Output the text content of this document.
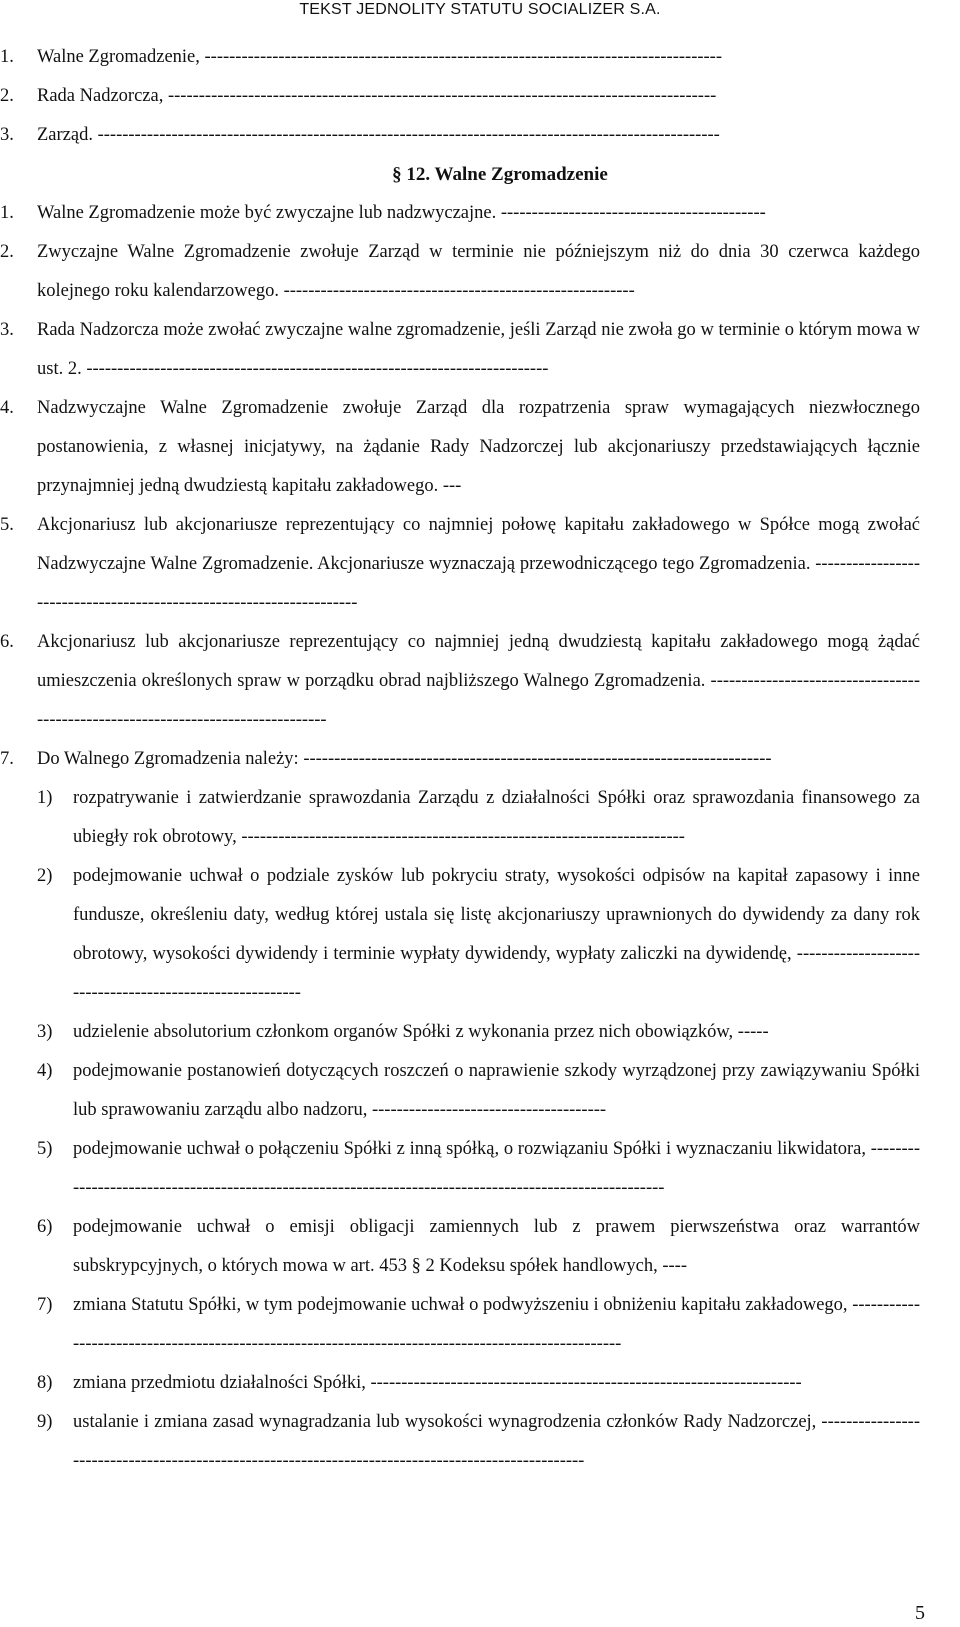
TEKST JEDNOLITY STATUTU SOCIALIZER S.A.
1.	Walne Zgromadzenie, ------------------------------------------------------------------------------------
2.	Rada Nadzorcza, -----------------------------------------------------------------------------------------
3.	Zarząd. -----------------------------------------------------------------------------------------------------
§ 12. Walne Zgromadzenie
1.	Walne Zgromadzenie może być zwyczajne lub nadzwyczajne. -------------------------------------------
2.	Zwyczajne Walne Zgromadzenie zwołuje Zarząd w terminie nie późniejszym niż do dnia 30 czerwca każdego kolejnego roku kalendarzowego. ---------------------------------------------------------
3.	Rada Nadzorcza może zwołać zwyczajne walne zgromadzenie, jeśli Zarząd nie zwoła go w terminie o którym mowa w ust. 2. ---------------------------------------------------------------------------
4.	Nadzwyczajne Walne Zgromadzenie zwołuje Zarząd dla rozpatrzenia spraw wymagających niezwłocznego postanowienia, z własnej inicjatywy, na żądanie Rady Nadzorczej lub akcjonariuszy przedstawiających łącznie przynajmniej jedną dwudziestą kapitału zakładowego. ---
5.	Akcjonariusz lub akcjonariusze reprezentujący co najmniej połowę kapitału zakładowego w Spółce mogą zwołać Nadzwyczajne Walne Zgromadzenie. Akcjonariusze wyznaczają przewodniczącego tego Zgromadzenia. ---------------------------------------------------------------------
6.	Akcjonariusz lub akcjonariusze reprezentujący co najmniej jedną dwudziestą kapitału zakładowego mogą żądać umieszczenia określonych spraw w porządku obrad najbliższego Walnego Zgromadzenia. ---------------------------------------------------------------------------------
7.	Do Walnego Zgromadzenia należy: ----------------------------------------------------------------------------
1)	rozpatrywanie i zatwierdzanie sprawozdania Zarządu z działalności Spółki oraz sprawozdania finansowego za ubiegły rok obrotowy, ------------------------------------------------------------------------
2)	podejmowanie uchwał o podziale zysków lub pokryciu straty, wysokości odpisów na kapitał zapasowy i inne fundusze, określeniu daty, według której ustala się listę akcjonariuszy uprawnionych do dywidendy za dany rok obrotowy, wysokości dywidendy i terminie wypłaty dywidendy, wypłaty zaliczki na dywidendę, ---------------------------------------------------------
3)	udzielenie absolutorium członkom organów Spółki z wykonania przez nich obowiązków, -----
4)	podejmowanie postanowień dotyczących roszczeń o naprawienie szkody wyrządzonej przy zawiązywaniu Spółki lub sprawowaniu zarządu albo nadzoru, --------------------------------------
5)	podejmowanie uchwał o połączeniu Spółki z inną spółką, o rozwiązaniu Spółki i wyznaczaniu likwidatora, --------------------------------------------------------------------------------------------------------
6)	podejmowanie uchwał o emisji obligacji zamiennych lub z prawem pierwszeństwa oraz warrantów subskrypcyjnych, o których mowa w art. 453 § 2 Kodeksu spółek handlowych, ----
7)	zmiana Statutu Spółki, w tym podejmowanie uchwał o podwyższeniu i obniżeniu kapitału zakładowego, ----------------------------------------------------------------------------------------------------
8)	zmiana przedmiotu działalności Spółki, ----------------------------------------------------------------------
9)	ustalanie i zmiana zasad wynagradzania lub wysokości wynagrodzenia członków Rady Nadzorczej, ---------------------------------------------------------------------------------------------------
5
